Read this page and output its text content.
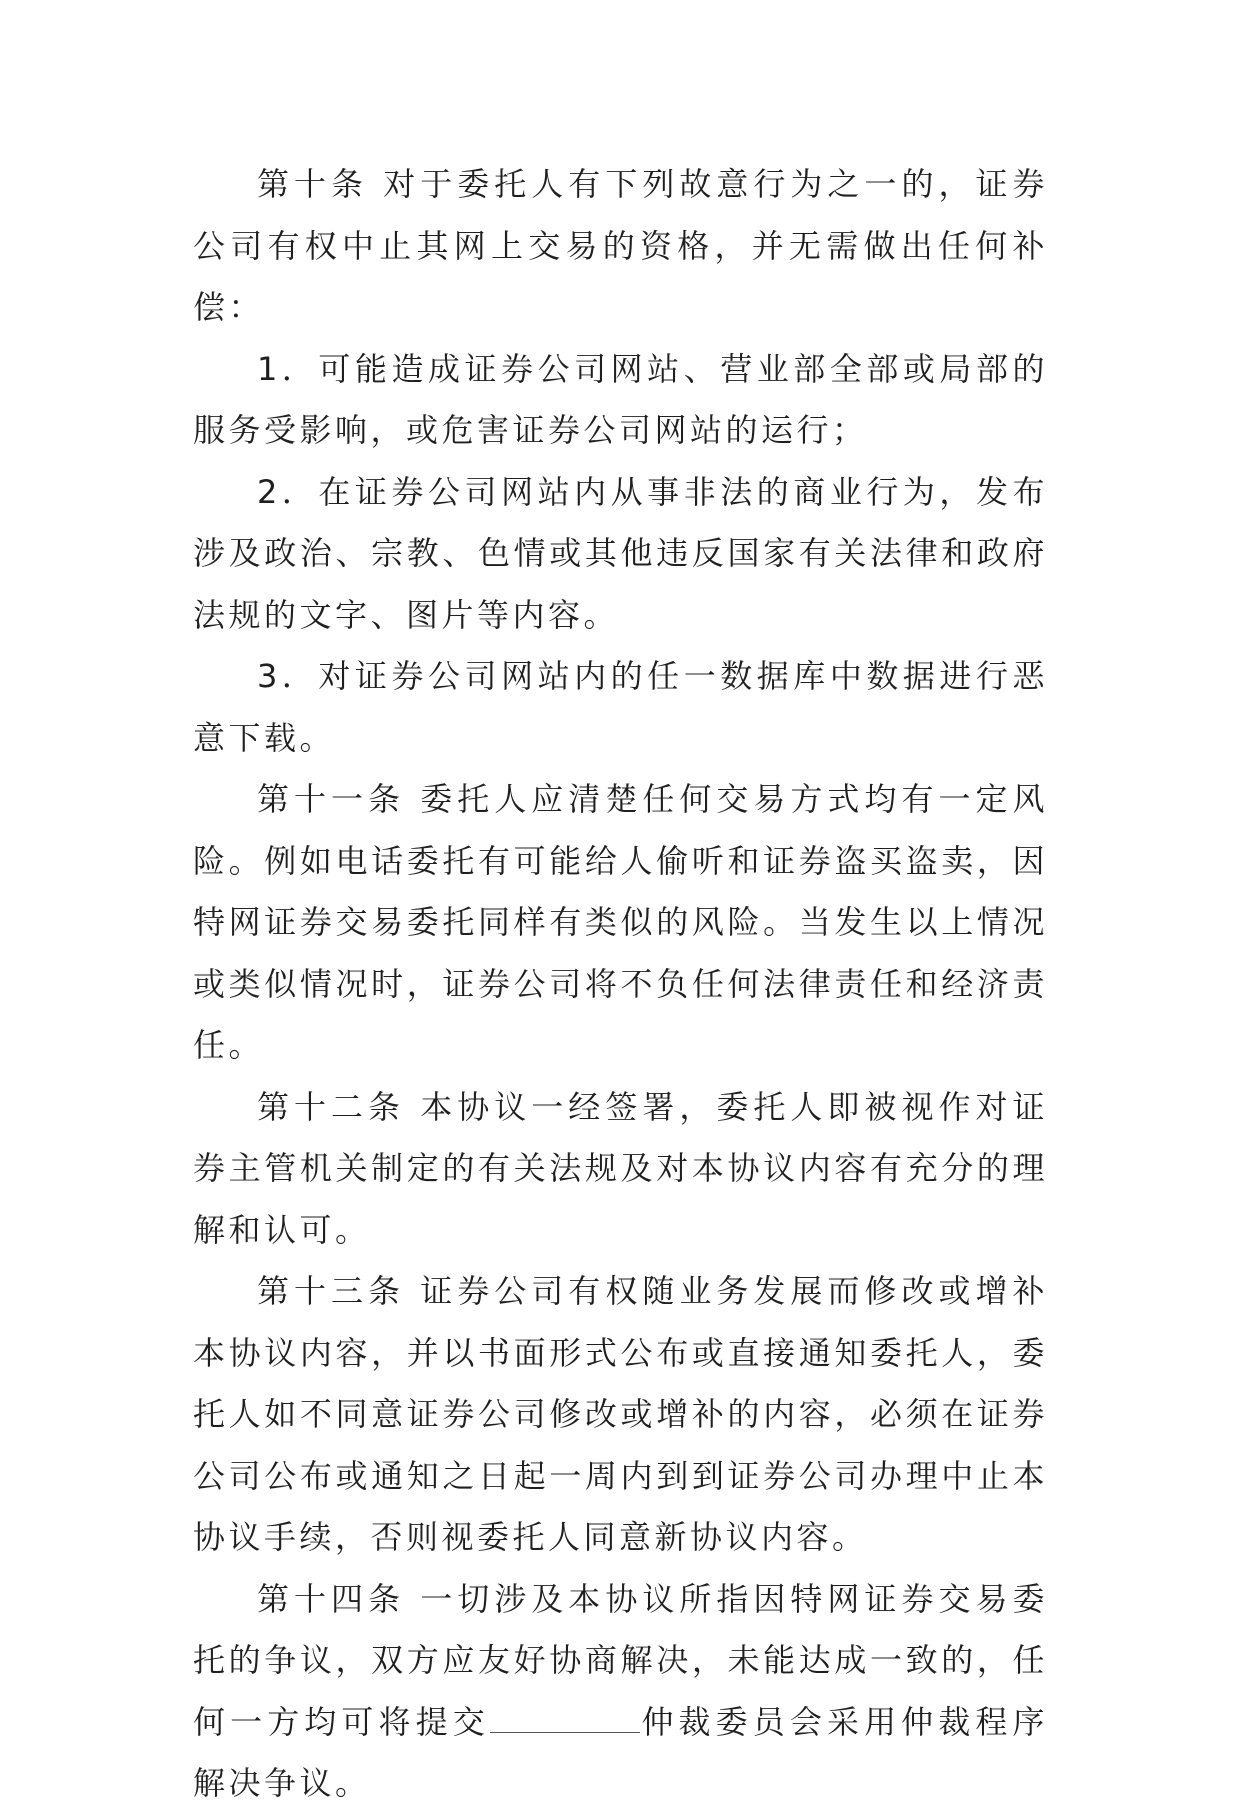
第十条 对于委托人有下列故意行为之一的，证券公司有权中止其网上交易的资格，并无需做出任何补偿：

1．可能造成证券公司网站、营业部全部或局部的服务受影响，或危害证券公司网站的运行；

2．在证券公司网站内从事非法的商业行为，发布涉及政治、宗教、色情或其他违反国家有关法律和政府法规的文字、图片等内容。

3．对证券公司网站内的任一数据库中数据进行恶意下载。

第十一条 委托人应清楚任何交易方式均有一定风险。例如电话委托有可能给人偷听和证券盗买盗卖，因特网证券交易委托同样有类似的风险。当发生以上情况或类似情况时，证券公司将不负任何法律责任和经济责任。

第十二条 本协议一经签署，委托人即被视作对证券主管机关制定的有关法规及对本协议内容有充分的理解和认可。

第十三条 证券公司有权随业务发展而修改或增补本协议内容，并以书面形式公布或直接通知委托人，委托人如不同意证券公司修改或增补的内容，必须在证券公司公布或通知之日起一周内到到证券公司办理中止本协议手续，否则视委托人同意新协议内容。

第十四条 一切涉及本协议所指因特网证券交易委托的争议，双方应友好协商解决，未能达成一致的，任何一方均可将提交	仲裁委员会采用仲裁程序解决争议。
